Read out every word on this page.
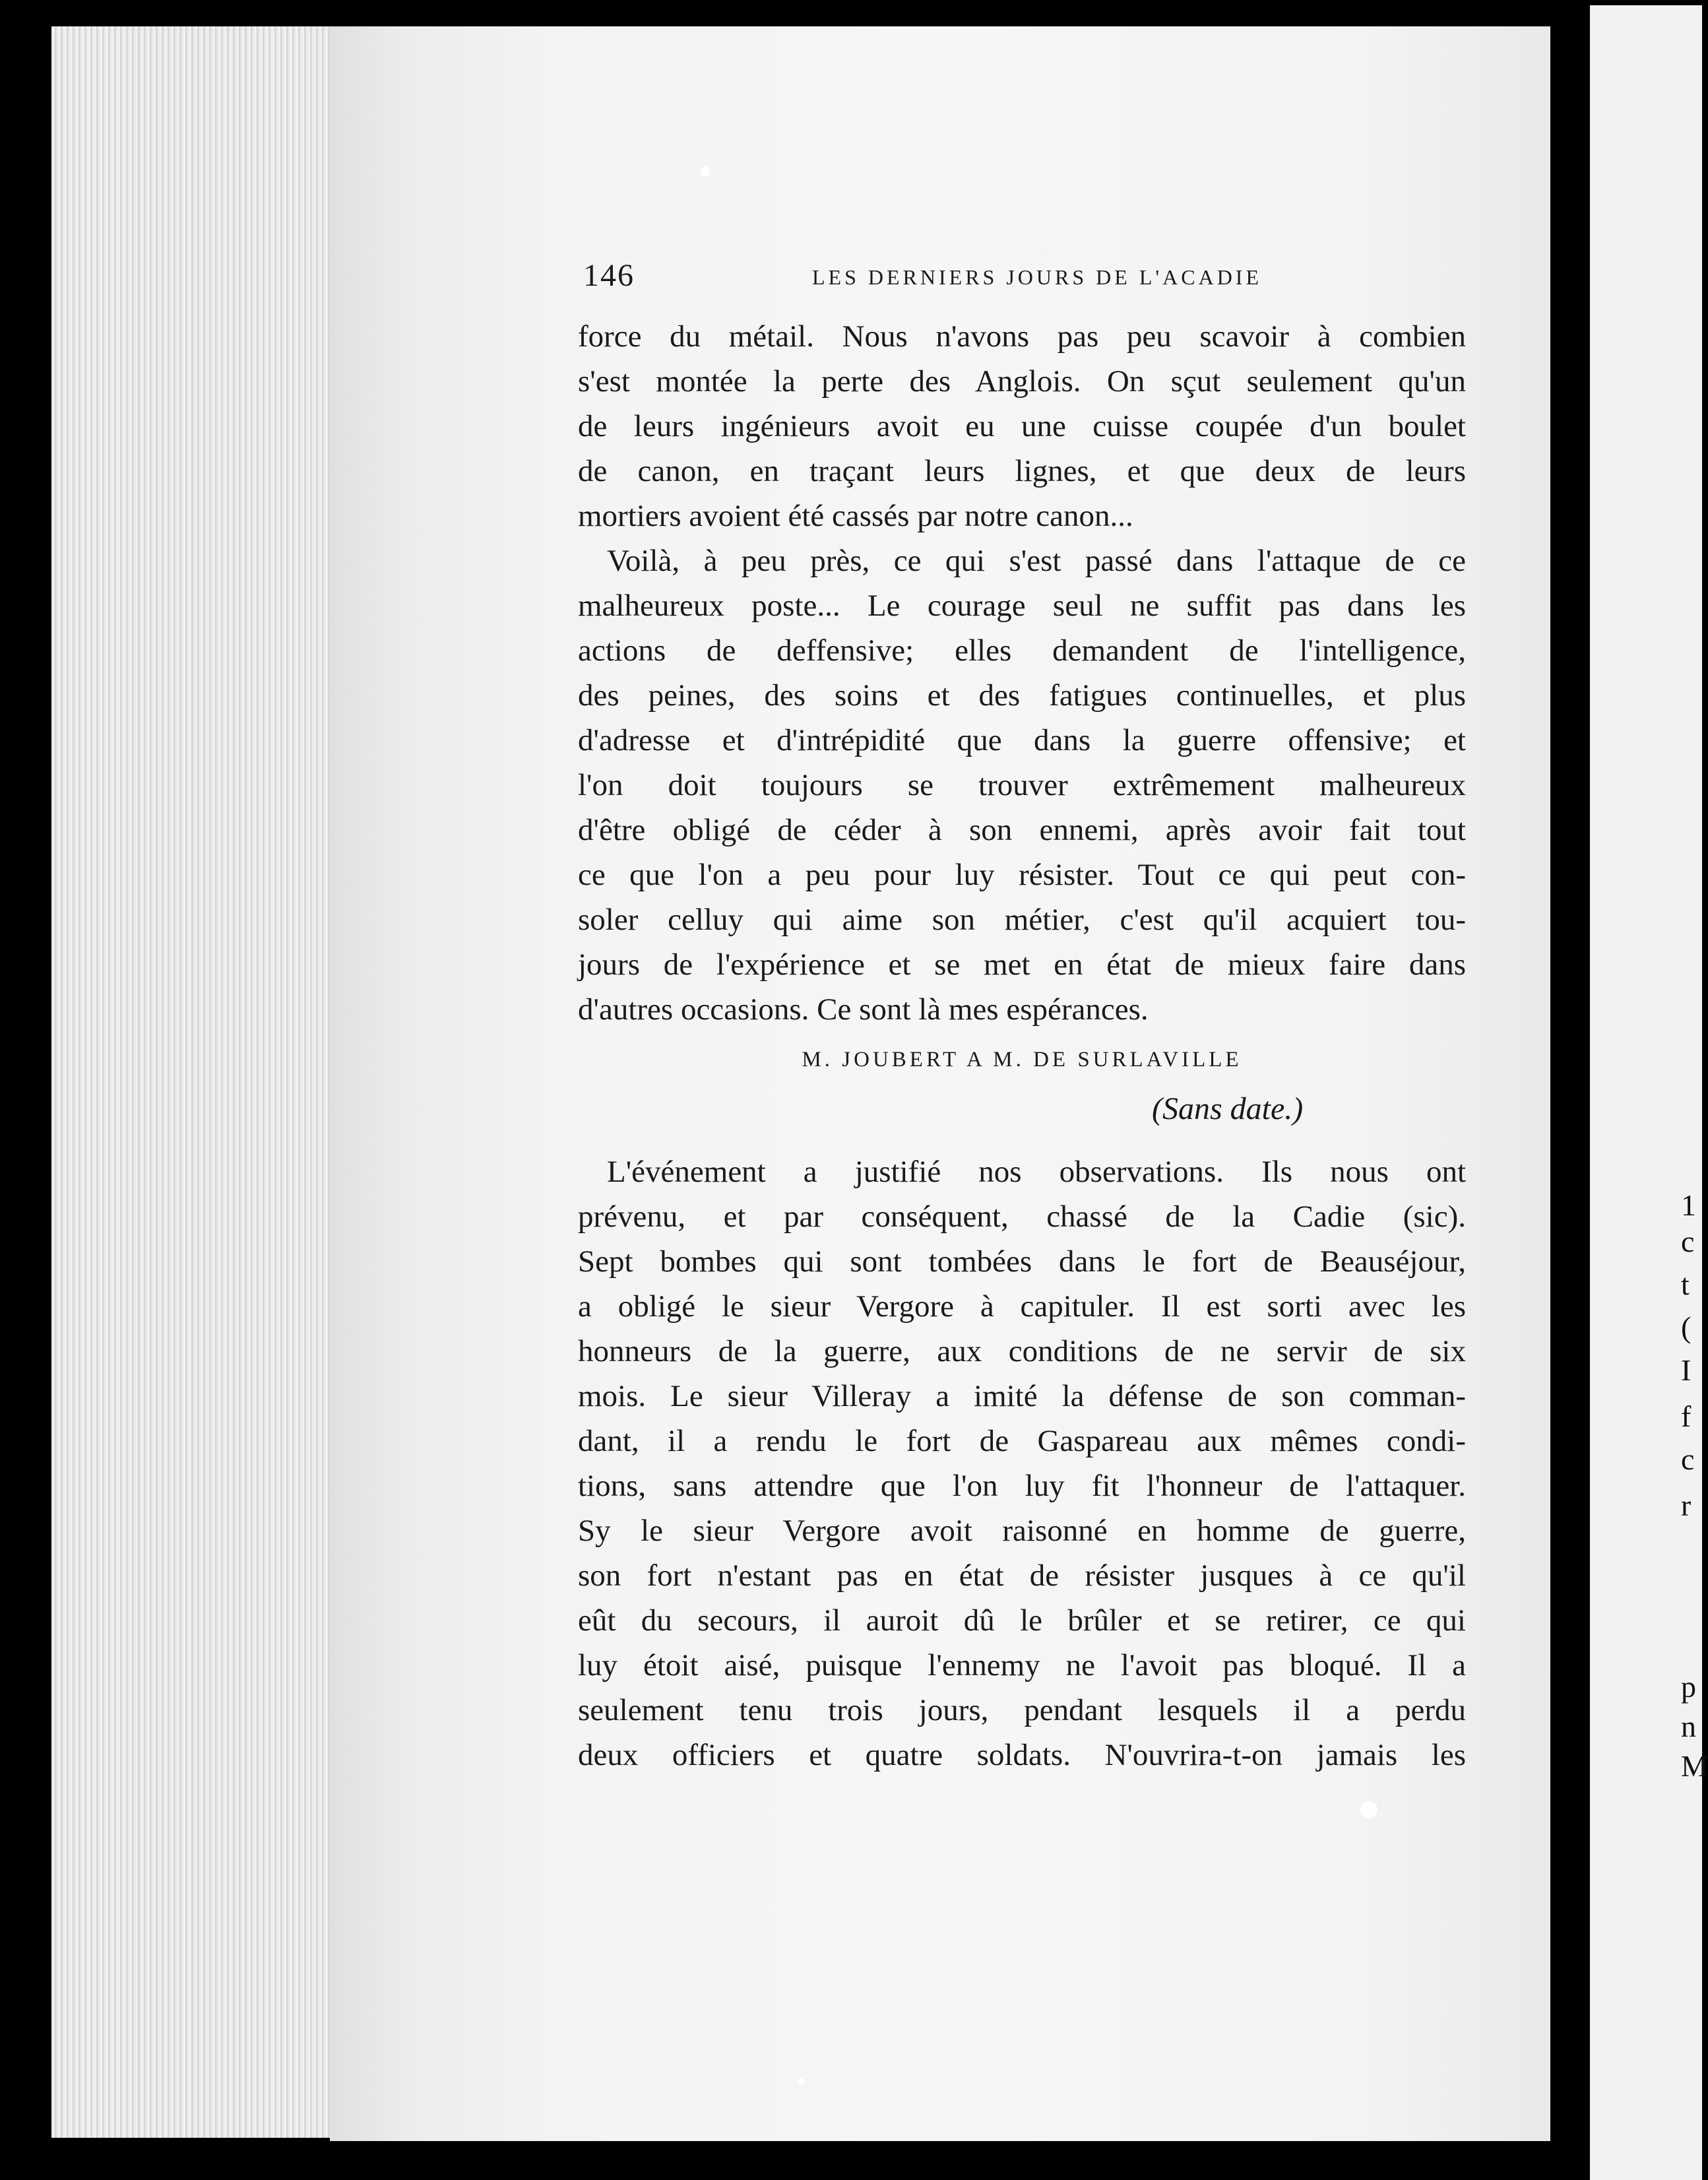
1
c
t
(
I
f
c
r
p
n
M
146	LES DERNIERS JOURS DE L'ACADIE
force du métail. Nous n'avons pas peu scavoir à combien
s'est montée la perte des Anglois. On sçut seulement qu'un
de leurs ingénieurs avoit eu une cuisse coupée d'un boulet
de canon, en traçant leurs lignes, et que deux de leurs
mortiers avoient été cassés par notre canon...
Voilà, à peu près, ce qui s'est passé dans l'attaque de ce
malheureux poste... Le courage seul ne suffit pas dans les
actions de deffensive; elles demandent de l'intelligence,
des peines, des soins et des fatigues continuelles, et plus
d'adresse et d'intrépidité que dans la guerre offensive; et
l'on doit toujours se trouver extrêmement malheureux
d'être obligé de céder à son ennemi, après avoir fait tout
ce que l'on a peu pour luy résister. Tout ce qui peut con-
soler celluy qui aime son métier, c'est qu'il acquiert tou-
jours de l'expérience et se met en état de mieux faire dans
d'autres occasions. Ce sont là mes espérances.
M. JOUBERT A M. DE SURLAVILLE
(Sans date.)
L'événement a justifié nos observations. Ils nous ont
prévenu, et par conséquent, chassé de la Cadie (sic).
Sept bombes qui sont tombées dans le fort de Beauséjour,
a obligé le sieur Vergore à capituler. Il est sorti avec les
honneurs de la guerre, aux conditions de ne servir de six
mois. Le sieur Villeray a imité la défense de son comman-
dant, il a rendu le fort de Gaspareau aux mêmes condi-
tions, sans attendre que l'on luy fit l'honneur de l'attaquer.
Sy le sieur Vergore avoit raisonné en homme de guerre,
son fort n'estant pas en état de résister jusques à ce qu'il
eût du secours, il auroit dû le brûler et se retirer, ce qui
luy étoit aisé, puisque l'ennemy ne l'avoit pas bloqué. Il a
seulement tenu trois jours, pendant lesquels il a perdu
deux officiers et quatre soldats. N'ouvrira-t-on jamais les
